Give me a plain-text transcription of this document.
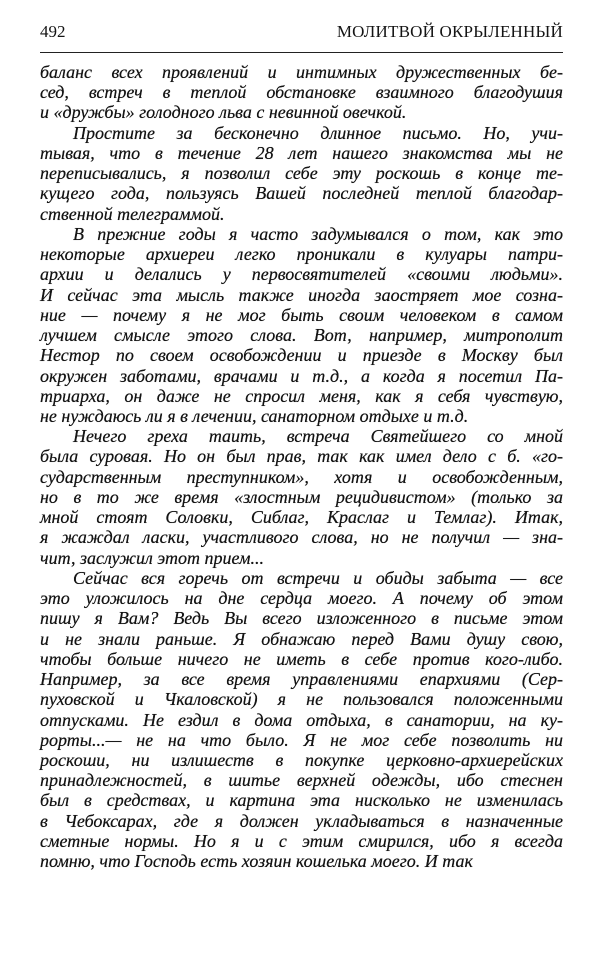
492	МОЛИТВОЙ ОКРЫЛЕННЫЙ
баланс всех проявлений и интимных дружественных бе-
сед, встреч в теплой обстановке взаимного благодушия
и «дружбы» голодного льва с невинной овечкой.
Простите за бесконечно длинное письмо. Но, учи-
тывая, что в течение 28 лет нашего знакомства мы не
переписывались, я позволил себе эту роскошь в конце те-
кущего года, пользуясь Вашей последней теплой благодар-
ственной телеграммой.
В прежние годы я часто задумывался о том, как это
некоторые архиереи легко проникали в кулуары патри-
архии и делались у первосвятителей «своими людьми».
И сейчас эта мысль также иногда заостряет мое созна-
ние — почему я не мог быть своим человеком в самом
лучшем смысле этого слова. Вот, например, митрополит
Нестор по своем освобождении и приезде в Москву был
окружен заботами, врачами и т.д., а когда я посетил Па-
триарха, он даже не спросил меня, как я себя чувствую,
не нуждаюсь ли я в лечении, санаторном отдыхе и т.д.
Нечего греха таить, встреча Святейшего со мной
была суровая. Но он был прав, так как имел дело с б. «го-
сударственным преступником», хотя и освобожденным,
но в то же время «злостным рецидивистом» (только за
мной стоят Соловки, Сиблаг, Краслаг и Темлаг). Итак,
я жаждал ласки, участливого слова, но не получил — зна-
чит, заслужил этот прием...
Сейчас вся горечь от встречи и обиды забыта — все
это уложилось на дне сердца моего. А почему об этом
пишу я Вам? Ведь Вы всего изложенного в письме этом
и не знали раньше. Я обнажаю перед Вами душу свою,
чтобы больше ничего не иметь в себе против кого-либо.
Например, за все время управлениями епархиями (Сер-
пуховской и Чкаловской) я не пользовался положенными
отпусками. Не ездил в дома отдыха, в санатории, на ку-
рорты...— не на что было. Я не мог себе позволить ни
роскоши, ни излишеств в покупке церковно-архиерейских
принадлежностей, в шитье верхней одежды, ибо стеснен
был в средствах, и картина эта нисколько не изменилась
в Чебоксарах, где я должен укладываться в назначенные
сметные нормы. Но я и с этим смирился, ибо я всегда
помню, что Господь есть хозяин кошелька моего. И так
